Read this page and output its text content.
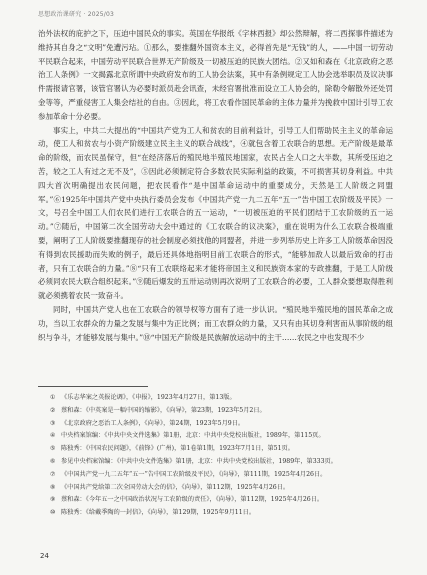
思想政治课研究 · 2025/03

治外法权的庇护之下，压迫中国民众的事实。英国在华报纸《字林西报》却公然辩解，将二西探事件描述为维持其自身之“文明”免遭污玷。①那么，要推翻外国资本主义，必得首先是“无钱”的人，——中国一切劳动平民联合起来，中国劳动平民联合世界无产阶级及一切被压迫的民族大团结。②又如和森在《北京政府之恶治工人条例》一文揭露北京所谓中央政府发布的工人协会法案，其中有条例规定工人协会选举职员及议决事件需报请官署，该管官署认为必要时派员赴会讯查，未经官署批准而设立工人协会的，除勒令解散外还处罚金等等，严重侵害工人集会结社的自由。③因此，将工农看作国民革命的主体力量并为挽救中国计引导工农参加革命十分必要。

事实上，中共二大提出的“中国共产党为工人和贫农的目前利益计，引导工人们帮助民主主义的革命运动，使工人和贫农与小资产阶级建立民主主义的联合战线”，④就包含着工农联合的思想。无产阶级是最革命的阶级，而农民虽保守，但“在经济落后的殖民地半殖民地国家，农民占全人口之大半数，其所受压迫之苦，较之工人有过之无不及”，⑤因此必须制定符合多数农民实际利益的政策，不可损害其切身利益。中共四大首次明确提出农民问题，把农民看作“是中国革命运动中的重要成分，天然是工人阶级之同盟军。”⑥1925年中国共产党中央执行委员会发布《中国共产党一九二五年“五一”告中国工农阶级及平民》一文，号召全中国工人们农民们进行工农联合的五一运动，“一切被压迫的平民们团结于工农阶级的五一运动。”⑦随后，中国第二次全国劳动大会中通过的《工农联合的议决案》，重在说明为什么工农联合极端重要，阐明了工人阶级要推翻现存的社会制度必须找他的同盟者，并进一步列举历史上许多工人阶级革命因没有得到农民援助而失败的例子，最后还具体地指明目前工农联合的形式，“能够加敌人以最后致命的打击者，只有工农联合的力量。”⑧“只有工农联络起来才能将帝国主义和民族资本家的专政推翻，于是工人阶级必须同农民大联合组织起来。”⑨随后爆发的五卅运动则再次说明了工农联合的必要，工人群众要想取得胜利就必须携着农民一致奋斗。

同时，中国共产党人也在工农联合的领导权等方面有了进一步认识。“殖民地半殖民地的国民革命之成功，当以工农群众的力量之发展与集中为正比例；而工农群众的力量，又只有由其切身利害而从事阶级的组织与争斗，才能够发展与集中。”⑩“中国无产阶级是民族解放运动中的主干……农民之中也发现不少

① 《乐志华案之英报论调》，《申报》，1923年4月27日，第13版。
② 蔡和森：《中英案是一幅中国的缩影》，《向导》，第23期，1923年5月2日。
③ 《北京政府之恶治工人条例》，《向导》，第24期，1923年5月9日。
④ 中央档案馆编：《中共中央文件选集》第1册，北京：中共中央党校出版社，1989年，第115页。
⑤ 陈独秀：《中国农民问题》，《前锋》(广州)，第1卷第1期，1923年7月1日，第51页。
⑥ 参见中央档案馆编：《中共中央文件选集》第1册，北京：中共中央党校出版社，1989年，第333页。
⑦ 《中国共产党一九二五年“五一”告中国工农阶级及平民》，《向导》，第111期，1925年4月26日。
⑧ 《中国共产党给第二次全国劳动大会的信》，《向导》，第112期，1925年4月26日。
⑨ 蔡和森：《今年五一之中国政治状况与工农阶级的责任》，《向导》，第112期，1925年4月26日。
⑩ 陈独秀：《给戴季陶的一封信》，《向导》，第129期，1925年9月11日。
24
